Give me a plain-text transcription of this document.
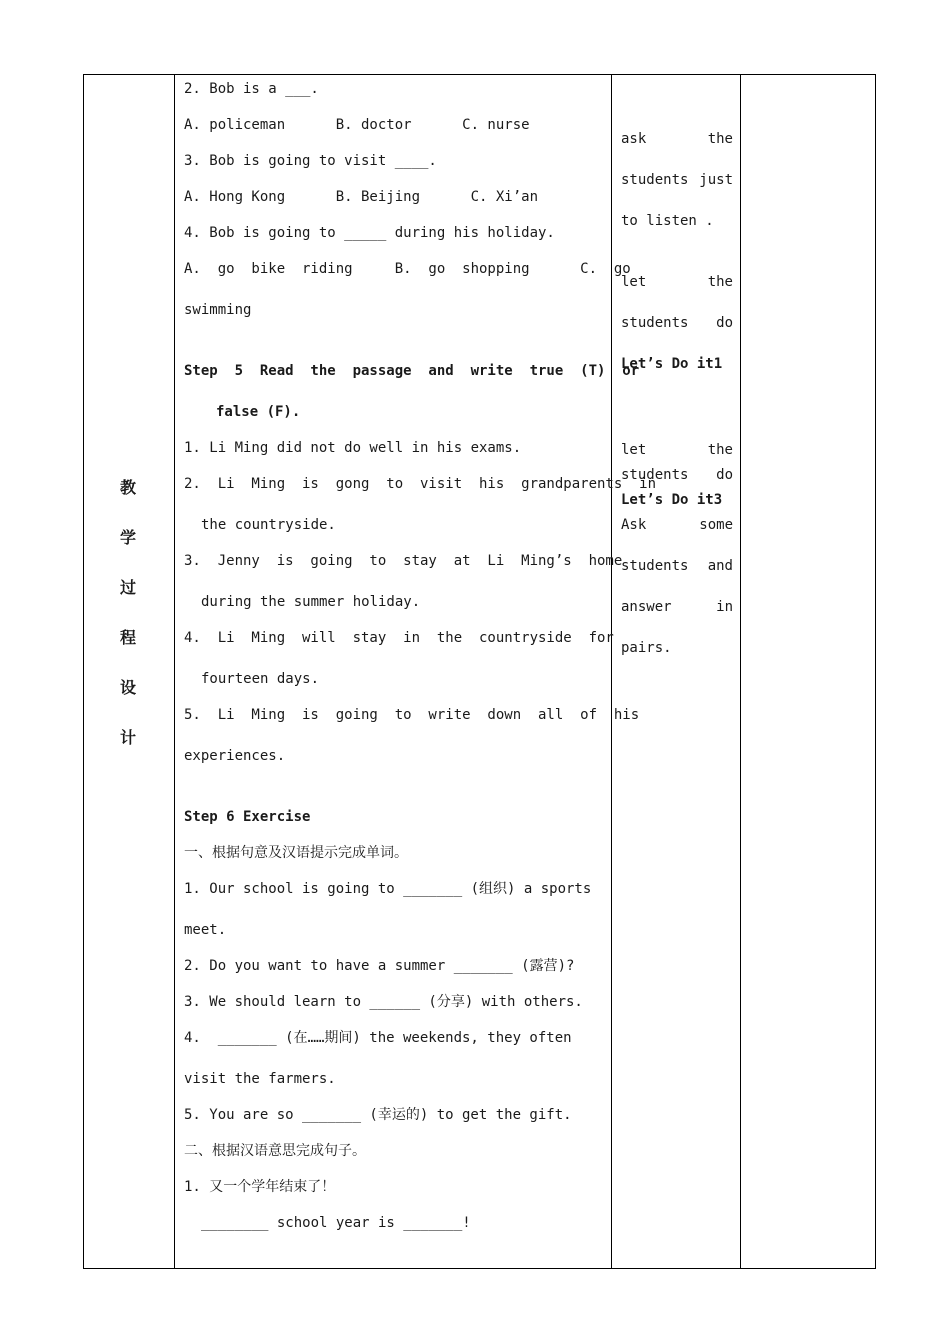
教
学
过
程
设
计
2. Bob is a ___.
A. policeman      B. doctor      C. nurse
3. Bob is going to visit ____.
A. Hong Kong      B. Beijing      C. Xi’an
4. Bob is going to _____ during his holiday.
A.  go  bike  riding     B.  go  shopping      C.  go
swimming
Step  5  Read  the  passage  and  write  true  (T)  or
false (F).
1. Li Ming did not do well in his exams.
2.  Li  Ming  is  gong  to  visit  his  grandparents  in
the countryside.
3.  Jenny  is  going  to  stay  at  Li  Ming’s  home
during the summer holiday.
4.  Li  Ming  will  stay  in  the  countryside  for
fourteen days.
5.  Li  Ming  is  going  to  write  down  all  of  his
experiences.
Step 6 Exercise
一、根据句意及汉语提示完成单词。
1. Our school is going to _______ (组织) a sports
meet.
2. Do you want to have a summer _______ (露营)?
3. We should learn to ______ (分享) with others.
4.  _______ (在……期间) the weekends, they often
visit the farmers.
5. You are so _______ (幸运的) to get the gift.
二、根据汉语意思完成句子。
1. 又一个学年结束了！
________ school year is _______!
ask	the
students just
to listen .
let	the
students do
Let’s Do it1
let	the
students do
Let’s Do it3
Ask	some
students and
answer	in
pairs.
